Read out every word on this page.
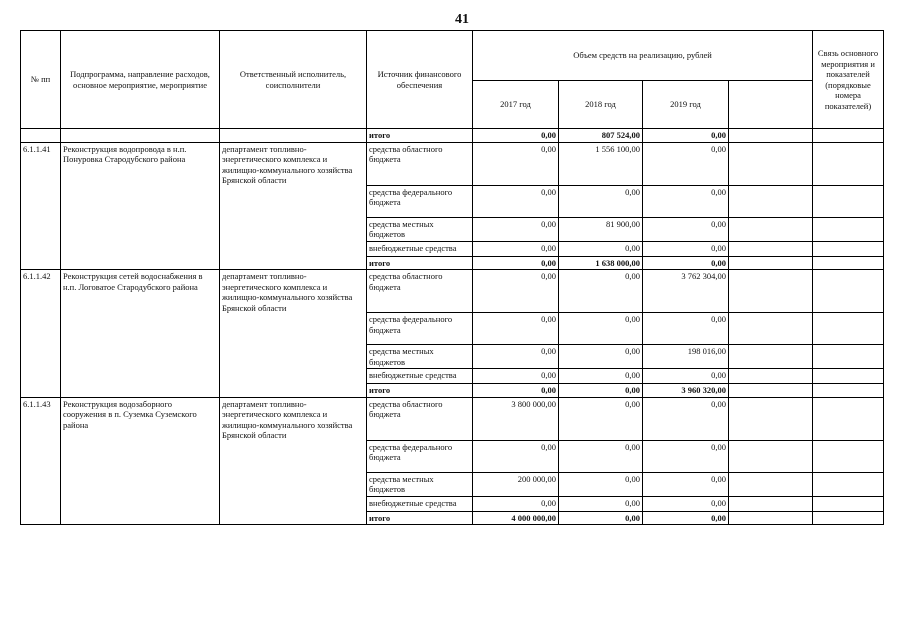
41
№ пп	Подпрограмма, направление расходов, основное мероприятие, мероприятие	Ответственный исполнитель, соисполнители	Источник финансового обеспечения	Объем средств на реализацию, рублей				Связь основного мероприятия и показателей (порядковые номера показателей)
				2017 год	2018 год	2019 год		
			итого	0,00	807 524,00	0,00		
6.1.1.41	Реконструкция водопровода в н.п. Понуровка Стародубского района	департамент топливно-энергетического комплекса и жилищно-коммунального хозяйства Брянской области	средства областного бюджета	0,00	1 556 100,00	0,00		
			средства федерального бюджета	0,00	0,00	0,00		
			средства местных бюджетов	0,00	81 900,00	0,00		
			внебюджетные средства	0,00	0,00	0,00		
			итого	0,00	1 638 000,00	0,00		
6.1.1.42	Реконструкция сетей водоснабжения в н.п. Логоватое Стародубского района	департамент топливно-энергетического комплекса и жилищно-коммунального хозяйства Брянской области	средства областного бюджета	0,00	0,00	3 762 304,00		
			средства федерального бюджета	0,00	0,00	0,00		
			средства местных бюджетов	0,00	0,00	198 016,00		
			внебюджетные средства	0,00	0,00	0,00		
			итого	0,00	0,00	3 960 320,00		
6.1.1.43	Реконструкция водозаборного сооружения в п. Суземка Суземского района	департамент топливно-энергетического комплекса и жилищно-коммунального хозяйства Брянской области	средства областного бюджета	3 800 000,00	0,00	0,00		
			средства федерального бюджета	0,00	0,00	0,00		
			средства местных бюджетов	200 000,00	0,00	0,00		
			внебюджетные средства	0,00	0,00	0,00		
			итого	4 000 000,00	0,00	0,00		
